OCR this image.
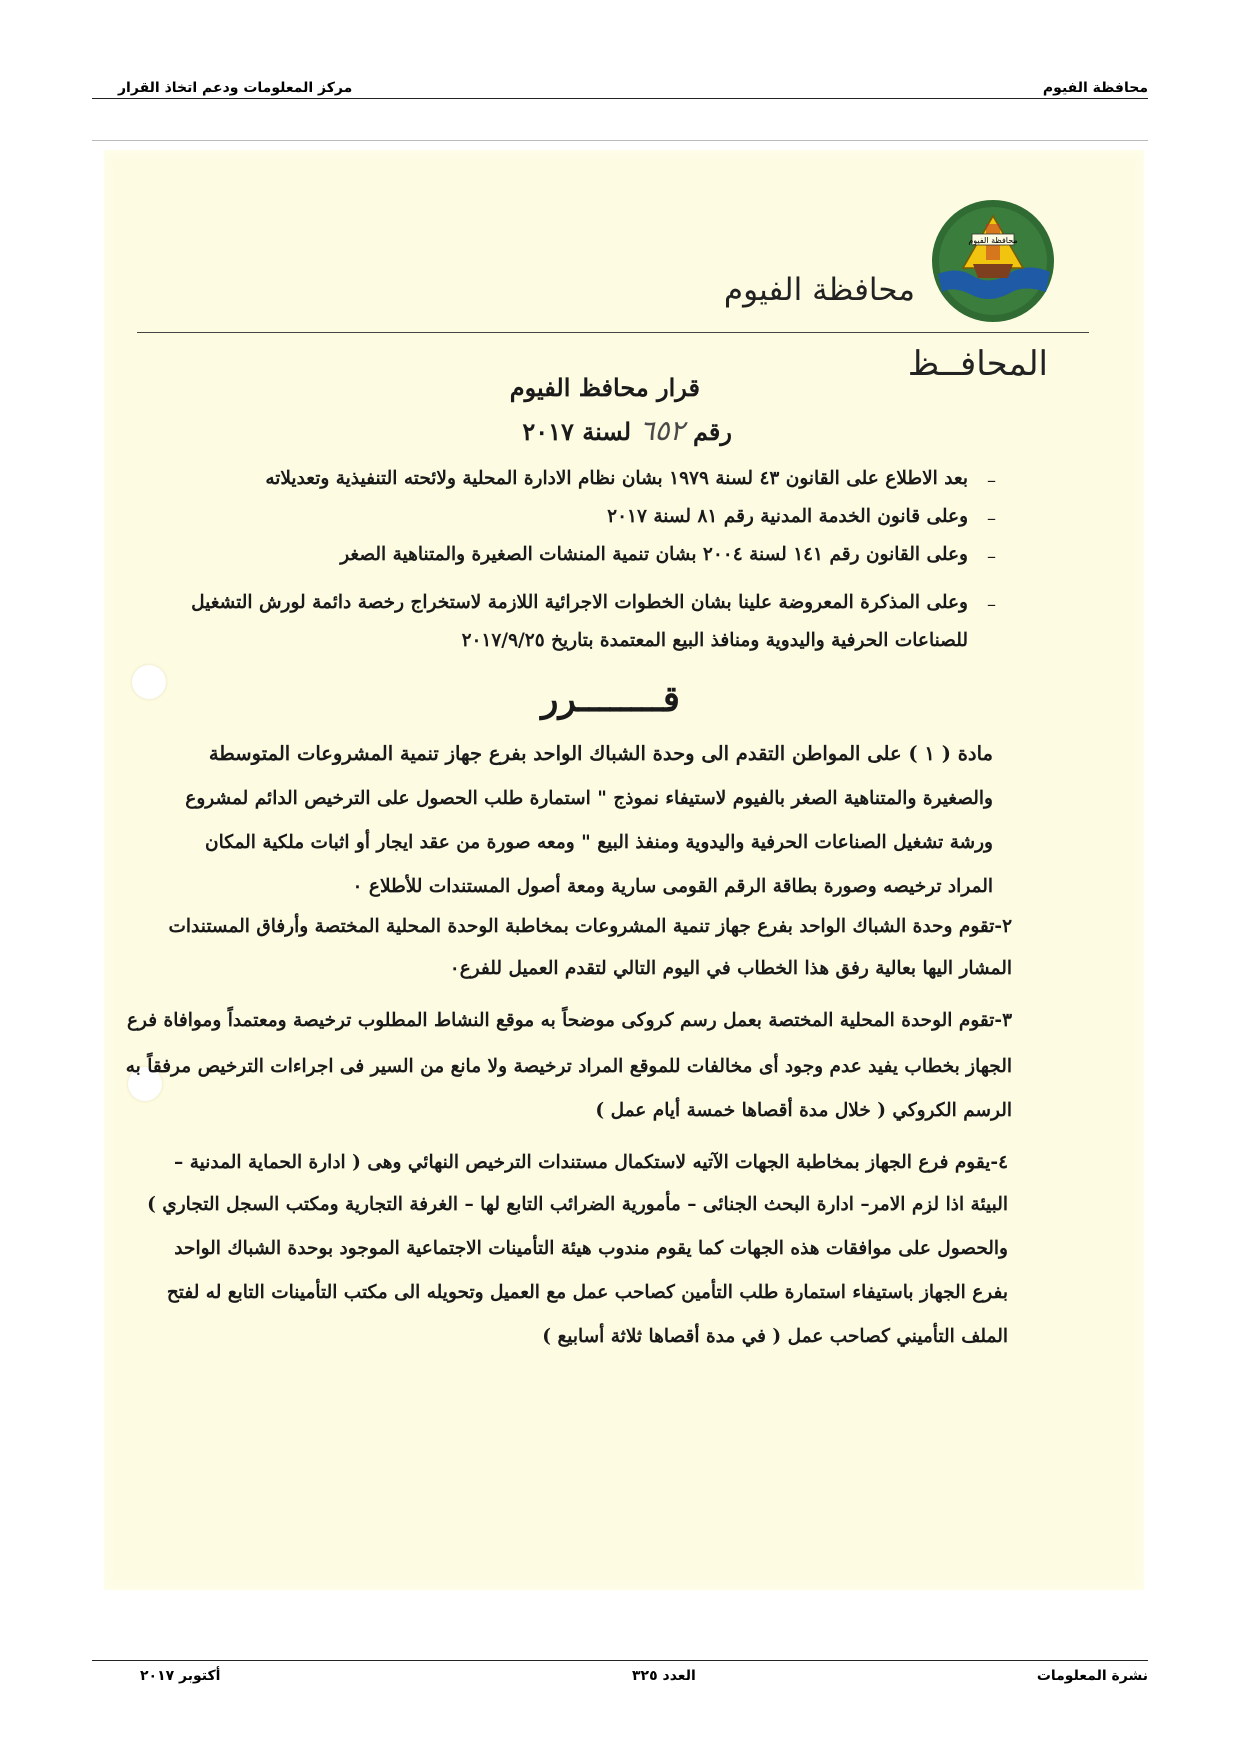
محافظة الفيوم
مركز المعلومات ودعم اتخاذ القرار
محافظة الفيوم
محافظة الفيوم
المحافــظ
قرار محافظ الفيوم
رقم ٦٥٢ لسنة ٢٠١٧
–
بعد الاطلاع على القانون ٤٣ لسنة ١٩٧٩ بشان نظام الادارة المحلية ولائحته التنفيذية وتعديلاته
–
وعلى قانون الخدمة المدنية رقم ٨١ لسنة ٢٠١٧
–
وعلى القانون رقم ١٤١ لسنة ٢٠٠٤ بشان تنمية المنشات الصغيرة والمتناهية الصغر
–
وعلى المذكرة المعروضة علينا بشان الخطوات الاجرائية اللازمة لاستخراج رخصة دائمة لورش التشغيل
للصناعات الحرفية واليدوية ومنافذ البيع المعتمدة بتاريخ ٢٠١٧/٩/٢٥
قــــــــرر
مادة ( ١ ) على المواطن التقدم الى وحدة الشباك الواحد بفرع جهاز تنمية المشروعات المتوسطة
والصغيرة والمتناهية الصغر بالفيوم لاستيفاء نموذج " استمارة طلب الحصول على الترخيص الدائم لمشروع
ورشة تشغيل الصناعات الحرفية واليدوية ومنفذ البيع " ومعه صورة من عقد ايجار أو اثبات ملكية المكان
المراد ترخيصه وصورة بطاقة الرقم القومى سارية ومعة أصول المستندات للأطلاع ٠
٢-تقوم وحدة الشباك الواحد بفرع جهاز تنمية المشروعات بمخاطبة الوحدة المحلية المختصة وأرفاق المستندات
المشار اليها بعالية رفق هذا الخطاب في اليوم التالي لتقدم العميل للفرع٠
٣-تقوم الوحدة المحلية المختصة بعمل رسم كروكى موضحاً به موقع النشاط المطلوب ترخيصة ومعتمداً وموافاة فرع
الجهاز بخطاب يفيد عدم وجود أى مخالفات للموقع المراد ترخيصة ولا مانع من السير فى اجراءات الترخيص مرفقاً به
الرسم الكروكي ( خلال مدة أقصاها خمسة أيام عمل )
٤-يقوم فرع الجهاز بمخاطبة الجهات الآتيه لاستكمال مستندات الترخيص النهائي وهى ( ادارة الحماية المدنية –
البيئة اذا لزم الامر– ادارة البحث الجنائى – مأمورية الضرائب التابع لها – الغرفة التجارية ومكتب السجل التجاري )
والحصول على موافقات هذه الجهات كما يقوم مندوب هيئة التأمينات الاجتماعية الموجود بوحدة الشباك الواحد
بفرع الجهاز باستيفاء استمارة طلب التأمين كصاحب عمل مع العميل وتحويله الى مكتب التأمينات التابع له لفتح
الملف التأميني كصاحب عمل ( في مدة أقصاها ثلاثة أسابيع )
نشرة المعلومات
العدد ٣٢٥
أكتوبر ٢٠١٧
